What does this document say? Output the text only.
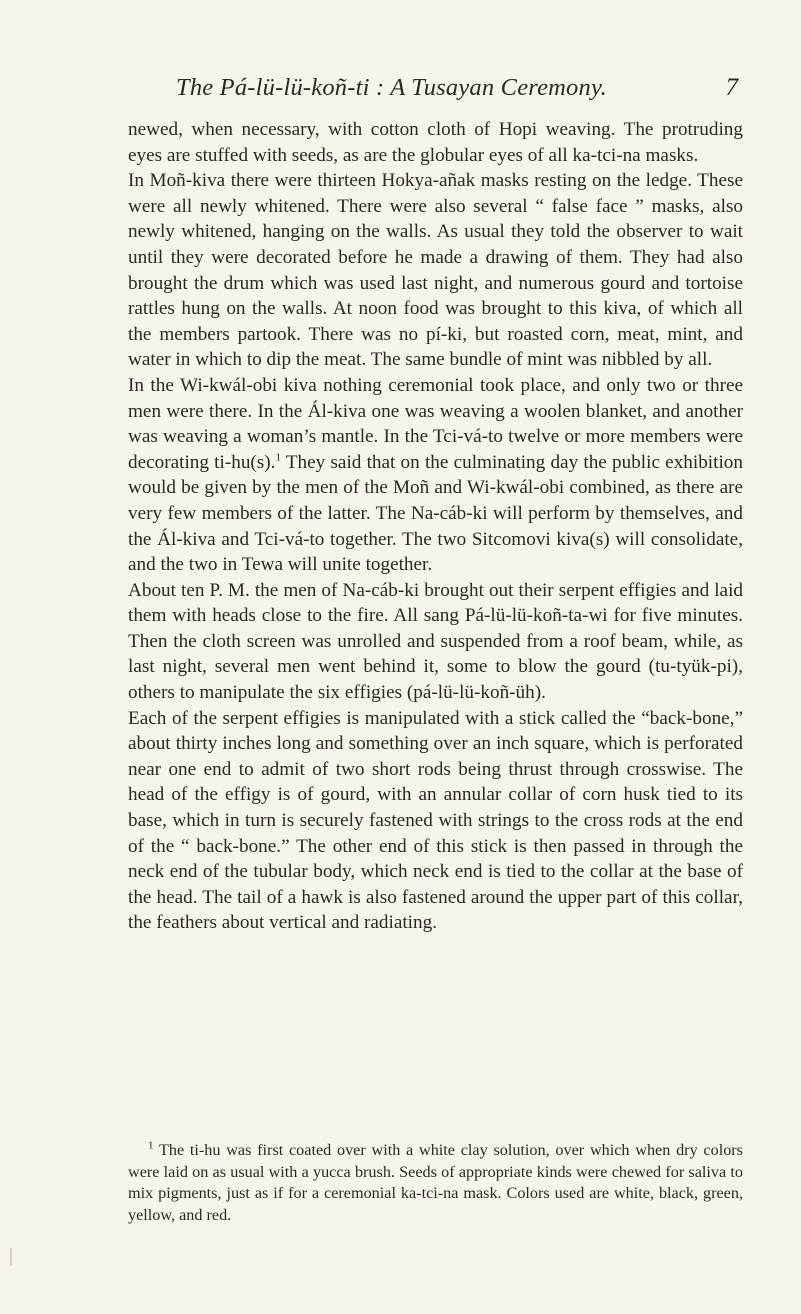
The Pá-lü-lü-koñ-ti : A Tusayan Ceremony.	7

newed, when necessary, with cotton cloth of Hopi weaving. The protruding eyes are stuffed with seeds, as are the globular eyes of all ka-tci-na masks.

In Moñ-kiva there were thirteen Hokya-añak masks resting on the ledge. These were all newly whitened. There were also several “ false face ” masks, also newly whitened, hanging on the walls. As usual they told the observer to wait until they were decorated before he made a drawing of them. They had also brought the drum which was used last night, and numerous gourd and tortoise rattles hung on the walls. At noon food was brought to this kiva, of which all the members partook. There was no pí-ki, but roasted corn, meat, mint, and water in which to dip the meat. The same bundle of mint was nibbled by all.

In the Wi-kwál-obi kiva nothing ceremonial took place, and only two or three men were there. In the Ál-kiva one was weaving a woolen blanket, and another was weaving a woman’s mantle. In the Tci-vá-to twelve or more members were decorating ti-hu(s).$^1$ They said that on the culminating day the public exhibition would be given by the men of the Moñ and Wi-kwál-obi combined, as there are very few members of the latter. The Na-cáb-ki will perform by themselves, and the Ál-kiva and Tci-vá-to together. The two Sitcomovi kiva(s) will consolidate, and the two in Tewa will unite together.

About ten P. M. the men of Na-cáb-ki brought out their serpent effigies and laid them with heads close to the fire. All sang Pá-lü-lü-koñ-ta-wi for five minutes. Then the cloth screen was unrolled and suspended from a roof beam, while, as last night, several men went behind it, some to blow the gourd (tu-tyük-pi), others to manipulate the six effigies (pá-lü-lü-koñ-üh).

Each of the serpent effigies is manipulated with a stick called the “back-bone,” about thirty inches long and something over an inch square, which is perforated near one end to admit of two short rods being thrust through crosswise. The head of the effigy is of gourd, with an annular collar of corn husk tied to its base, which in turn is securely fastened with strings to the cross rods at the end of the “ back-bone.” The other end of this stick is then passed in through the neck end of the tubular body, which neck end is tied to the collar at the base of the head. The tail of a hawk is also fastened around the upper part of this collar, the feathers about vertical and radiating.

$^1$ The ti-hu was first coated over with a white clay solution, over which when dry colors were laid on as usual with a yucca brush. Seeds of appropriate kinds were chewed for saliva to mix pigments, just as if for a ceremonial ka-tci-na mask. Colors used are white, black, green, yellow, and red.
